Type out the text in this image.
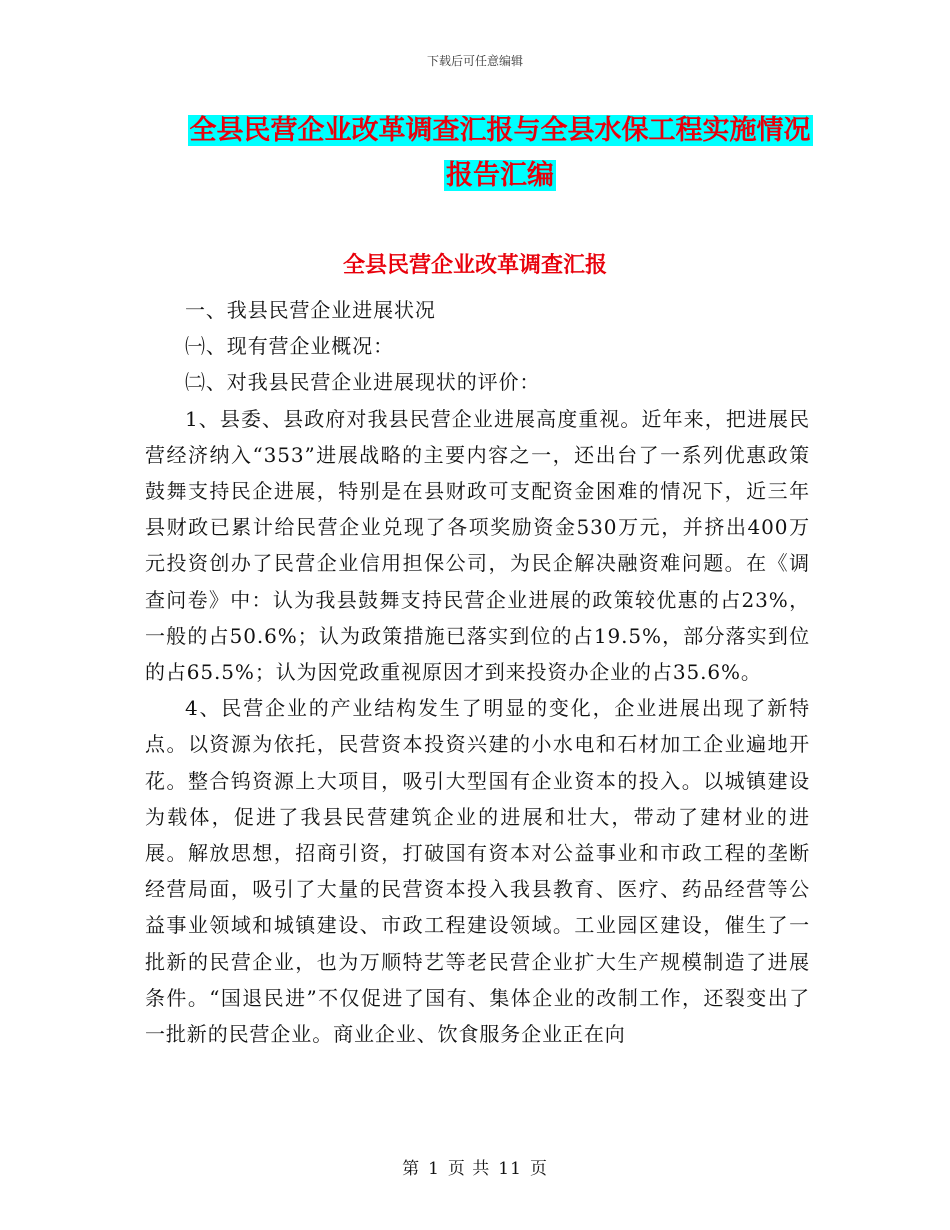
下载后可任意编辑
全县民营企业改革调查汇报与全县水保工程实施情况
报告汇编
全县民营企业改革调查汇报

一、我县民营企业进展状况

㈠、现有营企业概况：

㈡、对我县民营企业进展现状的评价：

1、县委、县政府对我县民营企业进展高度重视。近年来，把进展民营经济纳入“353”进展战略的主要内容之一，还出台了一系列优惠政策鼓舞支持民企进展，特别是在县财政可支配资金困难的情况下，近三年县财政已累计给民营企业兑现了各项奖励资金530万元，并挤出400万元投资创办了民营企业信用担保公司，为民企解决融资难问题。在《调查问卷》中：认为我县鼓舞支持民营企业进展的政策较优惠的占23%，一般的占50.6%；认为政策措施已落实到位的占19.5%，部分落实到位的占65.5%；认为因党政重视原因才到来投资办企业的占35.6%。

4、民营企业的产业结构发生了明显的变化，企业进展出现了新特点。以资源为依托，民营资本投资兴建的小水电和石材加工企业遍地开花。整合钨资源上大项目，吸引大型国有企业资本的投入。以城镇建设为载体，促进了我县民营建筑企业的进展和壮大，带动了建材业的进展。解放思想，招商引资，打破国有资本对公益事业和市政工程的垄断经营局面，吸引了大量的民营资本投入我县教育、医疗、药品经营等公益事业领域和城镇建设、市政工程建设领域。工业园区建设，催生了一批新的民营企业，也为万顺特艺等老民营企业扩大生产规模制造了进展条件。“国退民进”不仅促进了国有、集体企业的改制工作，还裂变出了一批新的民营企业。商业企业、饮食服务企业正在向

第 1 页 共 11 页
